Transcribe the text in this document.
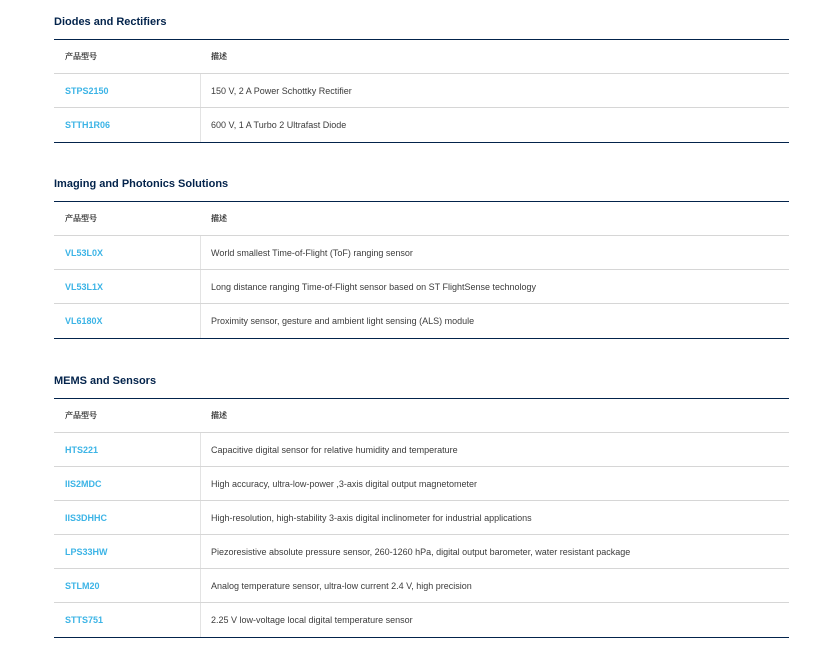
Diodes and Rectifiers
产品型号	描述
STPS2150	150 V, 2 A Power Schottky Rectifier
STTH1R06	600 V, 1 A Turbo 2 Ultrafast Diode
Imaging and Photonics Solutions
产品型号	描述
VL53L0X	World smallest Time-of-Flight (ToF) ranging sensor
VL53L1X	Long distance ranging Time-of-Flight sensor based on ST FlightSense technology
VL6180X	Proximity sensor, gesture and ambient light sensing (ALS) module
MEMS and Sensors
产品型号	描述
HTS221	Capacitive digital sensor for relative humidity and temperature
IIS2MDC	High accuracy, ultra-low-power ,3-axis digital output magnetometer
IIS3DHHC	High-resolution, high-stability 3-axis digital inclinometer for industrial applications
LPS33HW	Piezoresistive absolute pressure sensor, 260-1260 hPa, digital output barometer, water resistant package
STLM20	Analog temperature sensor, ultra-low current 2.4 V, high precision
STTS751	2.25 V low-voltage local digital temperature sensor
